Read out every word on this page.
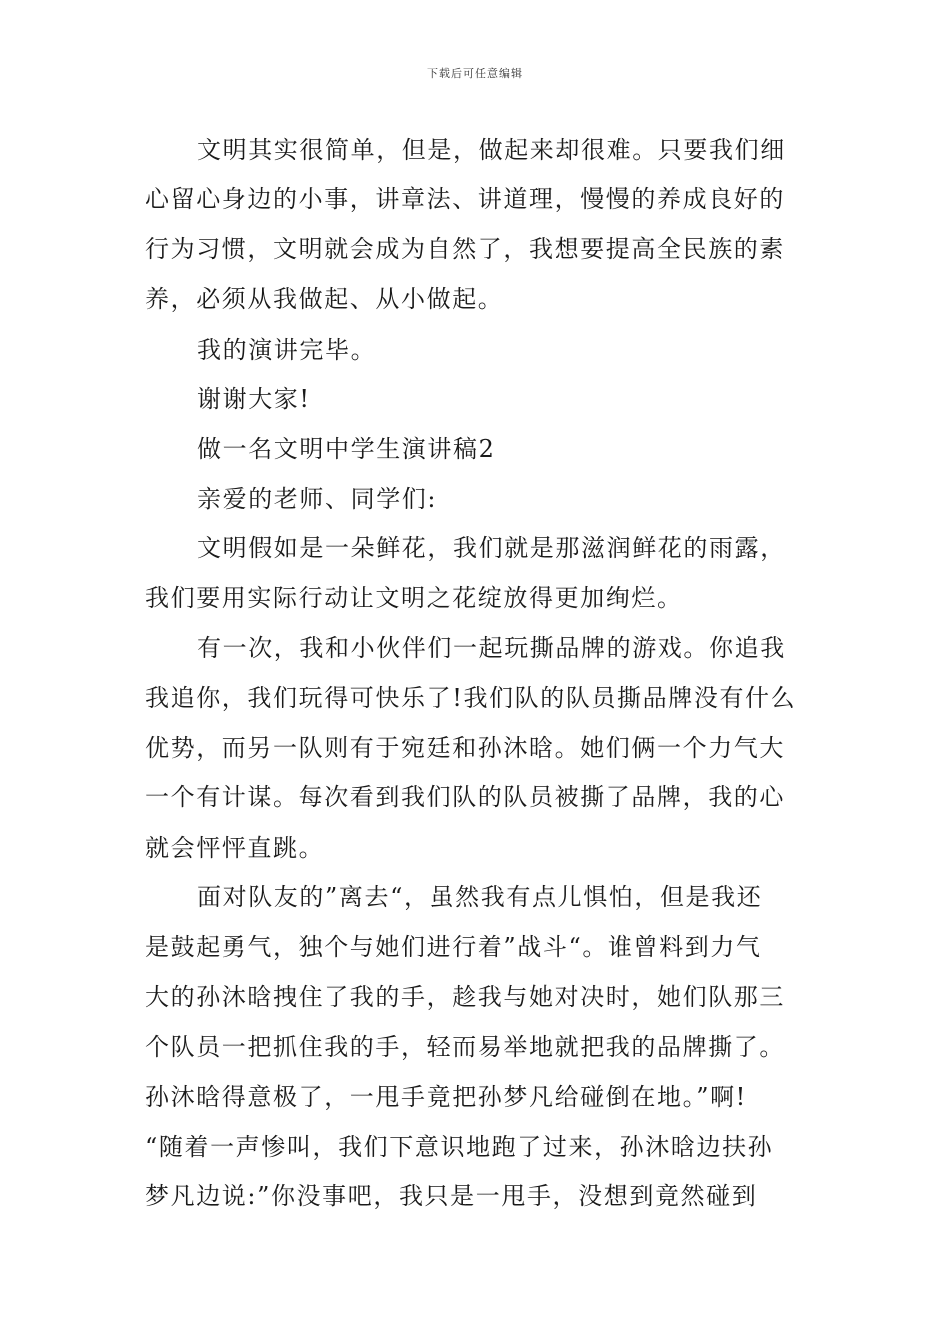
下载后可任意编辑
文明其实很简单，但是，做起来却很难。只要我们细
心留心身边的小事，讲章法、讲道理，慢慢的养成良好的
行为习惯，文明就会成为自然了，我想要提高全民族的素
养，必须从我做起、从小做起。
我的演讲完毕。
谢谢大家!
做一名文明中学生演讲稿2
亲爱的老师、同学们:
文明假如是一朵鲜花，我们就是那滋润鲜花的雨露，
我们要用实际行动让文明之花绽放得更加绚烂。
有一次，我和小伙伴们一起玩撕品牌的游戏。你追我
我追你，我们玩得可快乐了!我们队的队员撕品牌没有什么
优势，而另一队则有于宛廷和孙沐晗。她们俩一个力气大
一个有计谋。每次看到我们队的队员被撕了品牌，我的心
就会怦怦直跳。
面对队友的”离去“，虽然我有点儿惧怕，但是我还
是鼓起勇气，独个与她们进行着”战斗“。谁曾料到力气
大的孙沐晗拽住了我的手，趁我与她对决时，她们队那三
个队员一把抓住我的手，轻而易举地就把我的品牌撕了。
孙沐晗得意极了，一甩手竟把孙梦凡给碰倒在地。”啊!
“随着一声惨叫，我们下意识地跑了过来，孙沐晗边扶孙
梦凡边说:”你没事吧，我只是一甩手，没想到竟然碰到
